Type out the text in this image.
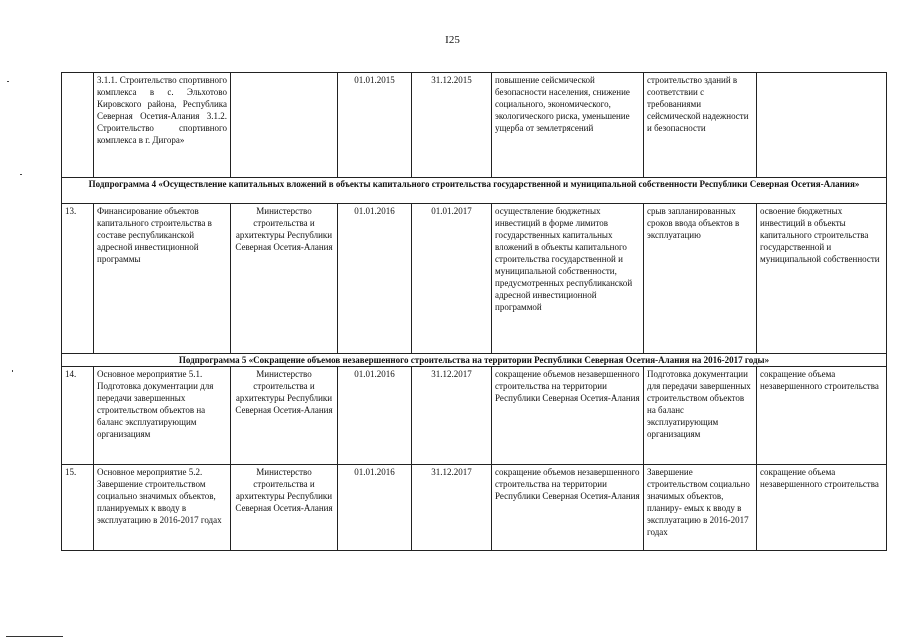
I25
	3.1.1. Строительство спортивного комплекса в с. Эльхотово Кировского района, Республика Северная Осетия-Алания 3.1.2. Строительство спортивного комплекса в г. Дигора»		01.01.2015	31.12.2015	повышение сейсмической безопасности населения, снижение социального, экономического, экологического риска, уменьшение ущерба от землетрясений	строительство зданий в соответствии с требованиями сейсмической надежности и безопасности	
Подпрограмма 4 «Осуществление капитальных вложений в объекты капитального строительства государственной и муниципальной собственности Республики Северная Осетия-Алания»							
13.	Финансирование объектов капитального строительства в составе республиканской адресной инвестиционной программы	Министерство строительства и архитектуры Республики Северная Осетия-Алания	01.01.2016	01.01.2017	осуществление бюджетных инвестиций в форме лимитов государственных капитальных вложений в объекты капитального строительства государственной и муниципальной собственности, предусмотренных республиканской адресной инвестиционной программой	срыв запланированных сроков ввода объектов в эксплуатацию	освоение бюджетных инвестиций в объекты капитального строительства государственной и муниципальной собственности
Подпрограмма 5 «Сокращение объемов незавершенного строительства на территории Республики Северная Осетия-Алания на 2016-2017 годы»							
14.	Основное мероприятие 5.1. Подготовка документации для передачи завершенных строительством объектов на баланс эксплуатирующим организациям	Министерство строительства и архитектуры Республики Северная Осетия-Алания	01.01.2016	31.12.2017	сокращение объемов незавершенного строительства на территории Республики Северная Осетия-Алания	Подготовка документации для передачи завершенных строительством объектов на баланс эксплуатирующим организациям	сокращение объема незавершенного строительства
15.	Основное мероприятие 5.2. Завершение строительством социально значимых объектов, планируемых к вводу в эксплуатацию в 2016-2017 годах	Министерство строительства и архитектуры Республики Северная Осетия-Алания	01.01.2016	31.12.2017	сокращение объемов незавершенного строительства на территории Республики Северная Осетия-Алания	Завершение строительством социально значимых объектов, планиру- емых к вводу в эксплуатацию в 2016-2017 годах	сокращение объема незавершенного строительства
